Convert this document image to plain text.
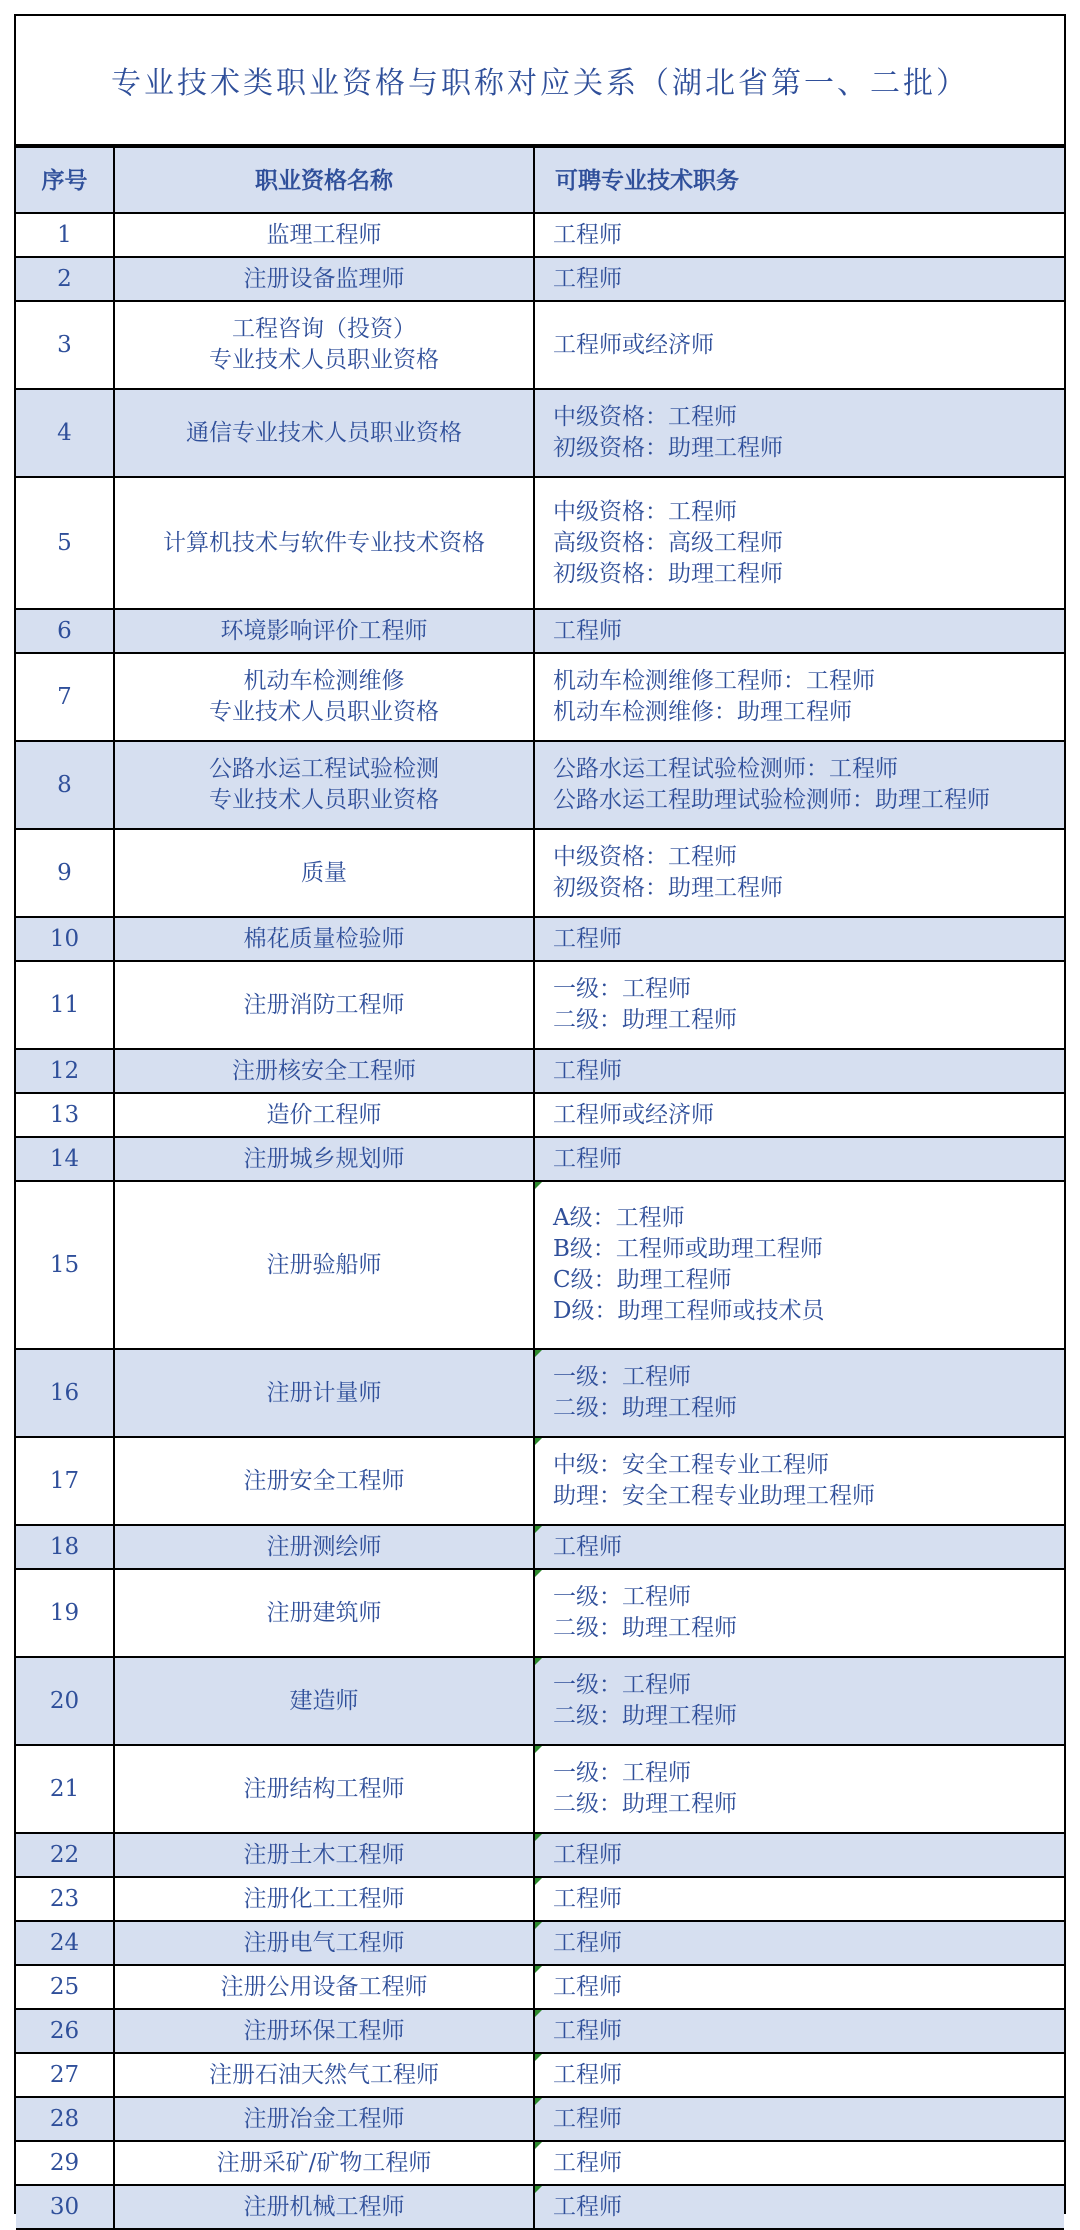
专业技术类职业资格与职称对应关系（湖北省第一、二批）
序号	职业资格名称	可聘专业技术职务
1	监理工程师	工程师

2	注册设备监理师	工程师

3	工程咨询（投资）
专业技术人员职业资格	工程师或经济师

4	通信专业技术人员职业资格	中级资格：工程师
初级资格：助理工程师

5	计算机技术与软件专业技术资格	中级资格：工程师
高级资格：高级工程师
初级资格：助理工程师

6	环境影响评价工程师	工程师

7	机动车检测维修
专业技术人员职业资格	机动车检测维修工程师：工程师
机动车检测维修：助理工程师

8	公路水运工程试验检测
专业技术人员职业资格	公路水运工程试验检测师：工程师
公路水运工程助理试验检测师：助理工程师

9	质量	中级资格：工程师
初级资格：助理工程师

10	棉花质量检验师	工程师

11	注册消防工程师	一级：工程师
二级：助理工程师

12	注册核安全工程师	工程师

13	造价工程师	工程师或经济师

14	注册城乡规划师	工程师

15	注册验船师	A级：工程师
B级：工程师或助理工程师
C级：助理工程师
D级：助理工程师或技术员

16	注册计量师	一级：工程师
二级：助理工程师

17	注册安全工程师	中级：安全工程专业工程师
助理：安全工程专业助理工程师

18	注册测绘师	工程师

19	注册建筑师	一级：工程师
二级：助理工程师

20	建造师	一级：工程师
二级：助理工程师

21	注册结构工程师	一级：工程师
二级：助理工程师

22	注册土木工程师	工程师

23	注册化工工程师	工程师

24	注册电气工程师	工程师

25	注册公用设备工程师	工程师

26	注册环保工程师	工程师

27	注册石油天然气工程师	工程师

28	注册冶金工程师	工程师

29	注册采矿/矿物工程师	工程师

30	注册机械工程师	工程师
